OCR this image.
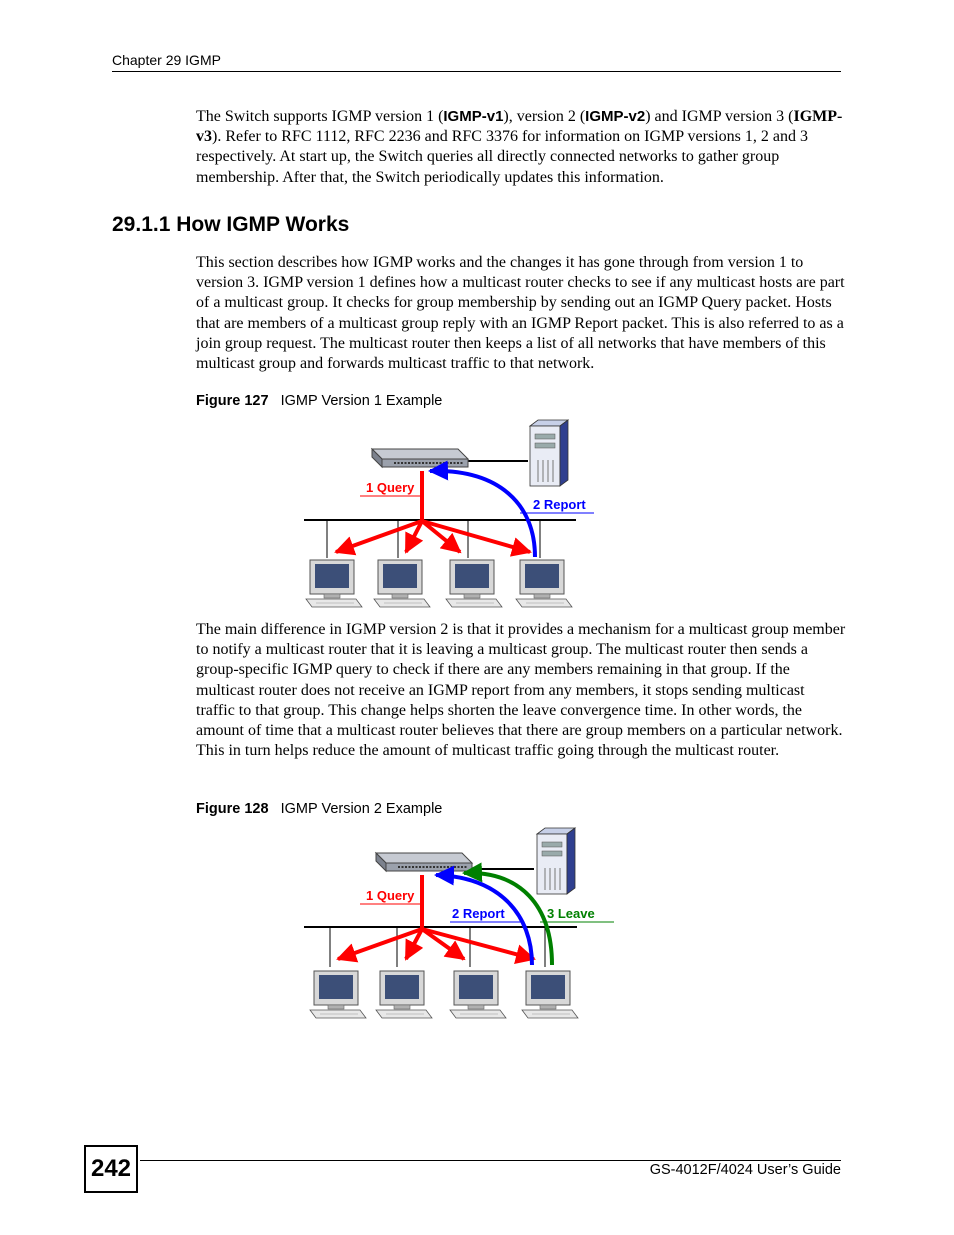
Chapter 29 IGMP

The Switch supports IGMP version 1 (IGMP-v1), version 2 (IGMP-v2) and IGMP version 3 (IGMP-v3). Refer to RFC 1112, RFC 2236 and RFC 3376 for information on IGMP versions 1, 2 and 3 respectively. At start up, the Switch queries all directly connected networks to gather group membership. After that, the Switch periodically updates this information.

29.1.1 How IGMP Works

This section describes how IGMP works and the changes it has gone through from version 1 to version 3. IGMP version 1 defines how a multicast router checks to see if any multicast hosts are part of a multicast group. It checks for group membership by sending out an IGMP Query packet. Hosts that are members of a multicast group reply with an IGMP Report packet. This is also referred to as a join group request. The multicast router then keeps a list of all networks that have members of this multicast group and forwards multicast traffic to that network.

Figure 127 IGMP Version 1 Example
1 Query
2 Report

The main difference in IGMP version 2 is that it provides a mechanism for a multicast group member to notify a multicast router that it is leaving a multicast group. The multicast router then sends a group-specific IGMP query to check if there are any members remaining in that group. If the multicast router does not receive an IGMP report from any members, it stops sending multicast traffic to that group. This change helps shorten the leave convergence time. In other words, the amount of time that a multicast router believes that there are group members on a particular network. This in turn helps reduce the amount of multicast traffic going through the multicast router.

Figure 128 IGMP Version 2 Example
1 Query
2 Report	3 Leave
242	GS-4012F/4024 User’s Guide
